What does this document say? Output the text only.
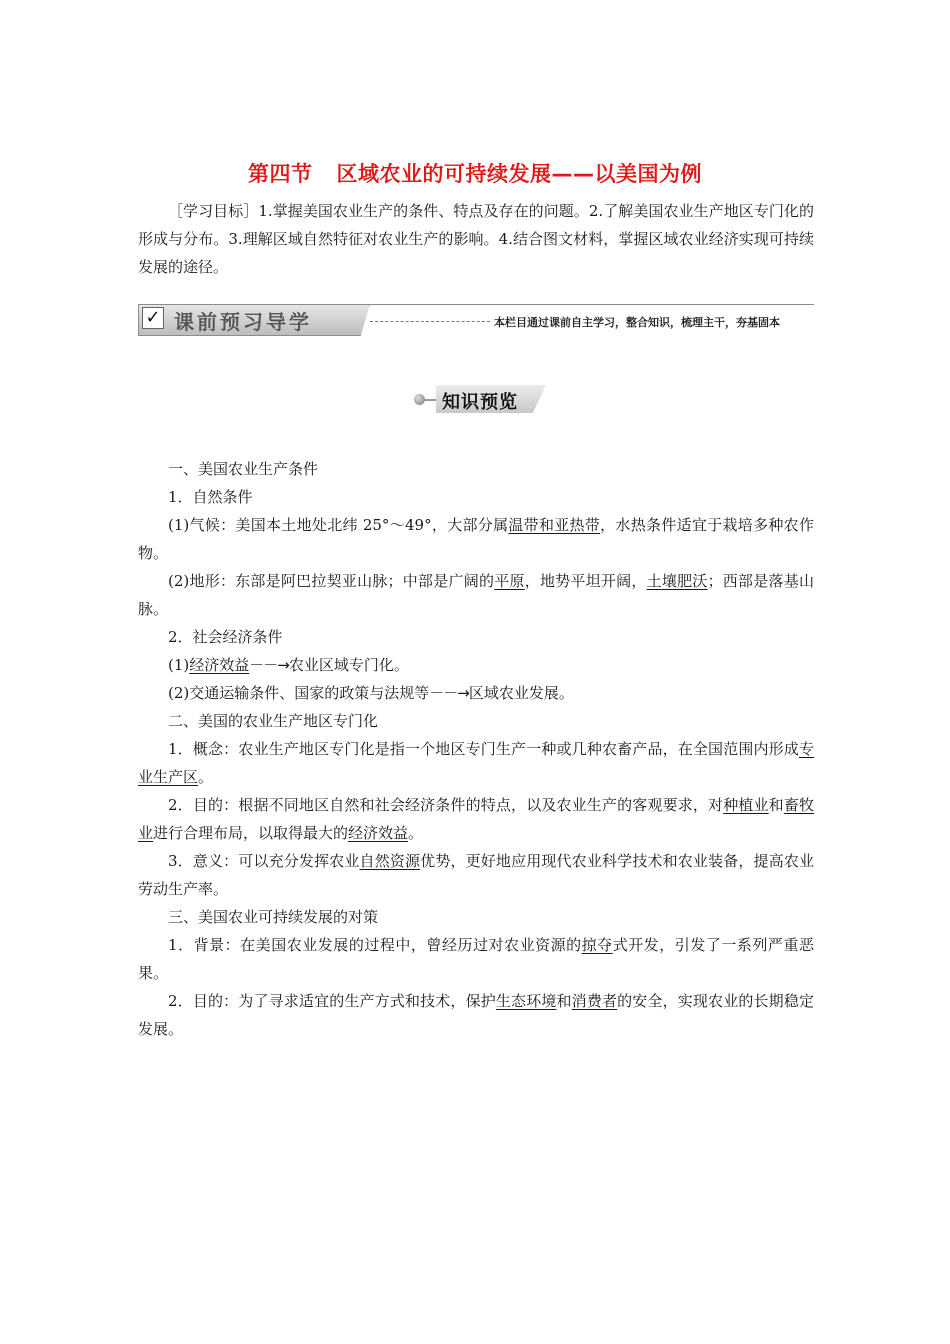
第四节 区域农业的可持续发展——以美国为例
［学习目标］1.掌握美国农业生产的条件、特点及存在的问题。2.了解美国农业生产地区专门化的形成与分布。3.理解区域自然特征对农业生产的影响。4.结合图文材料，掌握区域农业经济实现可持续发展的途径。
✓ 课前预习导学	本栏目通过课前自主学习，整合知识，梳理主干，夯基固本
知识预览

一、美国农业生产条件

1．自然条件

(1)气候：美国本土地处北纬 25°～49°，大部分属温带和亚热带，水热条件适宜于栽培多种农作物。

(2)地形：东部是阿巴拉契亚山脉；中部是广阔的平原，地势平坦开阔，土壤肥沃；西部是落基山脉。

2．社会经济条件

(1)经济效益－－→农业区域专门化。

(2)交通运输条件、国家的政策与法规等－－→区域农业发展。

二、美国的农业生产地区专门化

1．概念：农业生产地区专门化是指一个地区专门生产一种或几种农畜产品，在全国范围内形成专业生产区。

2．目的：根据不同地区自然和社会经济条件的特点，以及农业生产的客观要求，对种植业和畜牧业进行合理布局，以取得最大的经济效益。

3．意义：可以充分发挥农业自然资源优势，更好地应用现代农业科学技术和农业装备，提高农业劳动生产率。

三、美国农业可持续发展的对策

1．背景：在美国农业发展的过程中，曾经历过对农业资源的掠夺式开发，引发了一系列严重恶果。

2．目的：为了寻求适宜的生产方式和技术，保护生态环境和消费者的安全，实现农业的长期稳定发展。
